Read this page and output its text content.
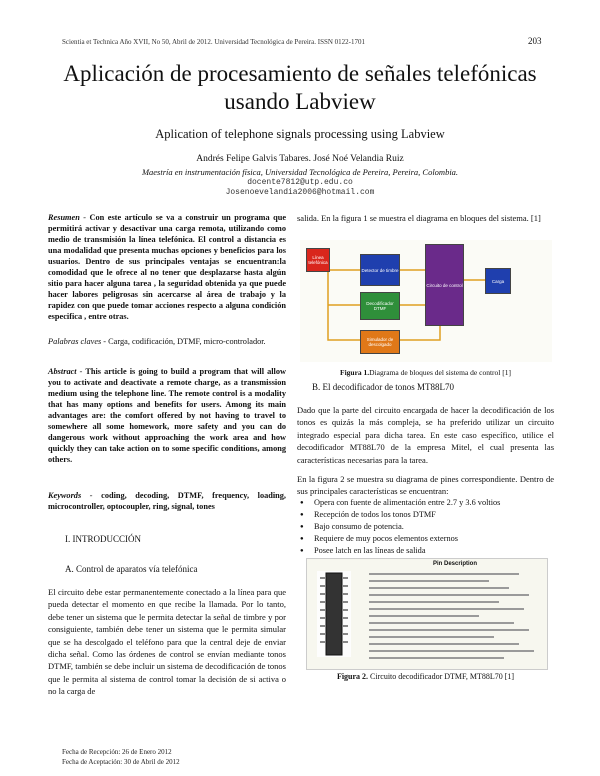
Scientia et Technica Año XVII, No 50, Abril de 2012. Universidad Tecnológica de Pereira. ISSN 0122-1701	203
Aplicación de procesamiento de señales telefónicas
usando Labview
Aplication of telephone signals processing using Labview
Andrés Felipe Galvis Tabares. José Noé Velandia Ruiz
Maestría en instrumentación física, Universidad Tecnológica de Pereira, Pereira, Colombia.
docente7812@utp.edu.co
Josenoevelandia2006@hotmail.com
Resumen - Con este artículo se va a construir un programa que permitirá activar y desactivar una carga remota, utilizando como medio de transmisión la línea telefónica. El control a distancia es una modalidad que presenta muchas opciones y beneficios para los usuarios. Dentro de sus principales ventajas se encuentran:la comodidad que le ofrece al no tener que desplazarse hasta algún sitio para hacer alguna tarea , la seguridad obtenida ya que puede hacer labores peligrosas sin acercarse al área de trabajo y la rapidez con que puede tomar acciones respecto a alguna condición especifica , entre otras.
Palabras claves - Carga, codificación, DTMF, micro-controlador.
Abstract - This article is going to build a program that will allow you to activate and deactivate a remote charge, as a transmission medium using the telephone line. The remote control is a modality that has many options and benefits for users. Among its main advantages are: the comfort offered by not having to travel to somewhere all some homework, more safety and you can do dangerous work without approaching the work area and how quickly they can take action on to some specific conditions, among others.
Keywords - coding, decoding, DTMF, frequency, loading, microcontroller, optocoupler, ring, signal, tones
I. INTRODUCCIÓN
A. Control de aparatos vía telefónica
El circuito debe estar permanentemente conectado a la línea para que pueda detectar el momento en que recibe la llamada. Por lo tanto, debe tener un sistema que le permita detectar la señal de timbre y por consiguiente, también debe tener un sistema que le permita simular que se ha descolgado el teléfono para que la central deje de enviar dicha señal. Como las órdenes de control se envían mediante tonos DTMF, también se debe incluir un sistema de decodificación de tonos que le permita al sistema de control tomar la decisión de si activa o no la carga de
Fecha de Recepción: 26 de Enero 2012
Fecha de Aceptación: 30 de Abril de 2012
salida. En la figura 1 se muestra el diagrama en bloques del sistema. [1]
Línea telefónica
Detector de timbre
Decodificador DTMF
Circuito de control
Carga
Simulador de descolgado
Figura 1.Diagrama de bloques del sistema de control [1]
B. El decodificador de tonos MT88L70
Dado que la parte del circuito encargada de hacer la decodificación de los tonos es quizás la más compleja, se ha preferido utilizar un circuito integrado especial para dicha tarea. En este caso específico, utilice el decodificador MT88L70 de la empresa Mitel, el cual presenta las características necesarias para la tarea.
En la figura 2 se muestra su diagrama de pines correspondiente. Dentro de sus principales características se encuentran:
● Opera con fuente de alimentación entre 2.7 y 3.6 voltios
● Recepción de todos los tonos DTMF
● Bajo consumo de potencia.
● Requiere de muy pocos elementos externos
● Posee latch en las líneas de salida
Pin Description
Figura 2. Circuito decodificador DTMF, MT88L70 [1]
